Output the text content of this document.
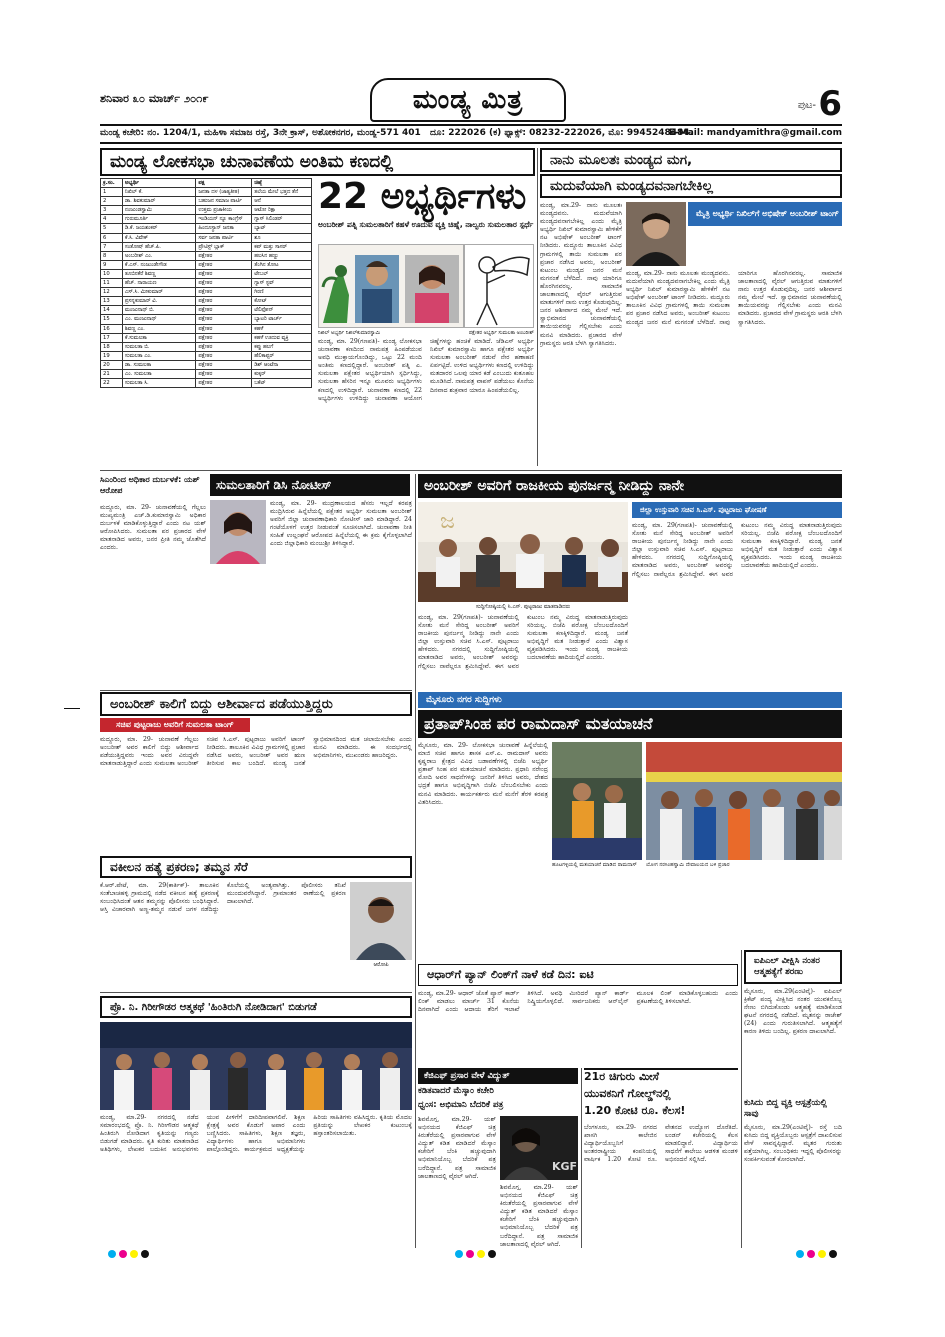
ಶನಿವಾರ ೩೦ ಮಾರ್ಚ್ ೨೦೧೯	ಮಂಡ್ಯ ಮಿತ್ರ	ಪುಟ- 6
ಮಂಡ್ಯ ಕಚೇರಿ: ನಂ. 1204/1, ಮಹಿಳಾ ಸಮಾಜ ರಸ್ತೆ, 3ನೇ ಕ್ರಾಸ್, ಅಶೋಕನಗರ, ಮಂಡ್ಯ-571 401 ದೂ: 222026 (ಕ) ಫ್ಯಾಕ್ಸ್: 08232-222026, ಮೊ: 9945248484.
E-Mail: mandyamithra@gmail.com
ಮಂಡ್ಯ ಲೋಕಸಭಾ ಚುನಾವಣೆಯ ಅಂತಿಮ ಕಣದಲ್ಲಿ
ಕ್ರ.ಸಂ.	ಅಭ್ಯರ್ಥಿ	ಪಕ್ಷ	ಚಿಹ್ನೆ
1	ನಿಖಿಲ್ ಕೆ.	ಜನತಾ ದಳ (ಜಾತ್ಯತೀತ)	ತಲೆಯ ಮೇಲೆ ಭತ್ತದ ತೆನೆ
2	ಡಾ. ಶಿವಕುಮಾರ್	ಬಹುಜನ ಸಮಾಜ ಪಾರ್ಟಿ	ಆನೆ
3	ನಂಜುಂಡಸ್ವಾಮಿ	ಉತ್ತಮ ಪ್ರಜಾಕೀಯ	ಆಟೋ ರಿಕ್ಷಾ
4	ಗುರುಮೂರ್ತಿ	ಇಂಡಿಯನ್ ನ್ಯೂ ಕಾಂಗ್ರೆಸ್	ಗ್ಯಾಸ್ ಸಿಲಿಂಡರ್
5	ಡಿ.ಕೆ. ಜಯಶಂಕರ್	ಹಿಂದೂಸ್ಥಾನ್ ಜನತಾ	ಬ್ಯಾಟ್
6	ಕೆ.ಸಿ. ವಿವೇಕ್	ಸರ್ವ ಜನತಾ ಪಾರ್ಟಿ	ಶೂ
7	ಸಂತೋಷ್ ಹೆಚ್.ಪಿ.	ಪ್ರೌಟಿಸ್ಟ್ ಬ್ಲಾಕ್	ಕಪ್ ಮತ್ತು ಸಾಸರ್
8	ಅಂಬರೀಶ್ ಎಂ.	ಪಕ್ಷೇತರ	ಹಲಸಿನ ಹಣ್ಣು
9	ಕೆ.ಎಸ್. ನಂಜುಂಡೇಗೌಡ	ಪಕ್ಷೇತರ	ತೆಂಗಿನ ತೋಟ
10	ತೂಬಿನಕೆರೆ ಶಿವಣ್ಣ	ಪಕ್ಷೇತರ	ಟೇಬಲ್
11	ಹೆಚ್. ನಾರಾಯಣ	ಪಕ್ಷೇತರ	ಗ್ಯಾಸ್ ಸ್ಟವ್
12	ಎಸ್.ಸಿ. ಮೀಕುಮಾರ್	ಪಕ್ಷೇತರ	ಗಿರಣಿ
13	ಪ್ರಸನ್ನಕುಮಾರ್ ವಿ.	ಪಕ್ಷೇತರ	ಕೋಟ್
14	ಮಂಜುನಾಥ್ ಬಿ.	ಪಕ್ಷೇತರ	ಟೆಲಿಫೋನ್
15	ಎಂ. ಮಂಜುನಾಥ್	ಪಕ್ಷೇತರ	ಬ್ಯಾಟರಿ ಟಾರ್ಚ್
16	ಶಿವಣ್ಣ ಎಂ.	ಪಕ್ಷೇತರ	ಕಹಳೆ
17	ಕೆ.ಸುಮಲತಾ	ಪಕ್ಷೇತರ	ಕಹಳೆ ಊದುವ ವ್ಯಕ್ತಿ
18	ಸುಮಲತಾ ಬಿ.	ಪಕ್ಷೇತರ	ಕಪ್ಪು ಹಲಗೆ
19	ಸುಮಲತಾ ಎಂ.	ಪಕ್ಷೇತರ	ಹೆಲಿಕಾಪ್ಟರ್
20	ಡಾ. ಸುಮಲತಾ	ಪಕ್ಷೇತರ	ಡಿಶ್ ಆಂಟೆನಾ
21	ಎಂ. ಸುಮಲತಾ	ಪಕ್ಷೇತರ	ಕುಕ್ಕರ್
22	ಸುಮಲತಾ ಸಿ.	ಪಕ್ಷೇತರ	ಬಕೆಟ್
22 ಅಭ್ಯರ್ಥಿಗಳು
ಅಂಬರೀಶ್ ಪತ್ನಿ ಸುಮಲತಾರಿಗೆ ಕಹಳೆ ಊದುವ ವ್ಯಕ್ತಿ ಚಿಹ್ನೆ, ನಾಲ್ವರು ಸುಮಲತಾರ ಸ್ಪರ್ಧೆ
ನಿಖಿಲ್ ಅಭ್ಯರ್ಥಿ ನಿಖಿಲ್‌ಕುಮಾರಸ್ವಾಮಿ	ಪಕ್ಷೇತರ ಅಭ್ಯರ್ಥಿ ಸುಮಲತಾ ಅಂಬರೀಶ್
ಮಂಡ್ಯ, ಮಾ. 29(ಗಣಪತಿ)- ಮಂಡ್ಯ ಲೋಕಸಭಾ ಚುನಾವಣಾ ಕಣದಿಂದ ನಾಮಪತ್ರ ಹಿಂಪಡೆಯುವ ಅವಧಿ ಮುಕ್ತಾಯಗೊಂಡಿದ್ದು, ಒಟ್ಟು 22 ಮಂದಿ ಅಂತಿಮ ಕಣದಲ್ಲಿದ್ದಾರೆ. ಅಂಬರೀಶ್ ಪತ್ನಿ ಎ. ಸುಮಲತಾ ಪಕ್ಷೇತರ ಅಭ್ಯರ್ಥಿಯಾಗಿ ಸ್ಪರ್ಧಿಸಿದ್ದು, ಸುಮಲತಾ ಹೆಸರಿನ ಇನ್ನೂ ಮೂವರು ಅಭ್ಯರ್ಥಿಗಳು ಕಣದಲ್ಲಿ ಉಳಿದಿದ್ದಾರೆ. ಚುನಾವಣಾ ಕಣದಲ್ಲಿ 22 ಅಭ್ಯರ್ಥಿಗಳು ಉಳಿದಿದ್ದು ಚುನಾವಣಾ ಆಯೋಗ ಚಿಹ್ನೆಗಳನ್ನು ಹಂಚಿಕೆ ಮಾಡಿದೆ. ಜೆಡಿಎಸ್ ಅಭ್ಯರ್ಥಿ ನಿಖಿಲ್ ಕುಮಾರಸ್ವಾಮಿ ಹಾಗೂ ಪಕ್ಷೇತರ ಅಭ್ಯರ್ಥಿ ಸುಮಲತಾ ಅಂಬರೀಶ್ ನಡುವೆ ನೇರ ಹಣಾಹಣಿ ಏರ್ಪಟ್ಟಿದೆ. ಉಳಿದ ಅಭ್ಯರ್ಥಿಗಳು ಕಣದಲ್ಲಿ ಉಳಿದಿದ್ದು ಮತದಾರರ ಒಲವು ಯಾರ ಕಡೆ ಎಂಬುದು ಕುತೂಹಲ ಮೂಡಿಸಿದೆ. ನಾಮಪತ್ರ ವಾಪಸ್ ಪಡೆಯಲು ಕೊನೆಯ ದಿನವಾದ ಶುಕ್ರವಾರ ಯಾರೂ ಹಿಂಪಡೆಯಲಿಲ್ಲ.
ನಾನು ಮೂಲತಃ ಮಂಡ್ಯದ ಮಗ,
ಮದುವೆಯಾಗಿ ಮಂಡ್ಯದವನಾಗಬೇಕಿಲ್ಲ
ಮೈತ್ರಿ ಅಭ್ಯರ್ಥಿ ನಿಖಿಲ್‌ಗೆ ಅಭಿಷೇಕ್ ಅಂಬರೀಶ್ ಟಾಂಗ್
ಮಂಡ್ಯ, ಮಾ.29- ನಾನು ಮೂಲತಃ ಮಂಡ್ಯದವನು. ಮದುವೆಯಾಗಿ ಮಂಡ್ಯದವನಾಗಬೇಕಿಲ್ಲ ಎಂದು ಮೈತ್ರಿ ಅಭ್ಯರ್ಥಿ ನಿಖಿಲ್ ಕುಮಾರಸ್ವಾಮಿ ಹೇಳಿಕೆಗೆ ನಟ ಅಭಿಷೇಕ್ ಅಂಬರೀಶ್ ಟಾಂಗ್ ನೀಡಿದರು. ಮದ್ದೂರು ತಾಲೂಕಿನ ವಿವಿಧ ಗ್ರಾಮಗಳಲ್ಲಿ ತಾಯಿ ಸುಮಲತಾ ಪರ ಪ್ರಚಾರ ನಡೆಸಿದ ಅವರು, ಅಂಬರೀಶ್ ಕುಟುಂಬ ಮಂಡ್ಯದ ಜನರ ಮನೆ ಮಗನಂತೆ ಬೆಳೆದಿದೆ. ನಾವು ಯಾರಿಗೂ ಹೊರಗಿನವರಲ್ಲ. ಸಾಮಾಜಿಕ ಜಾಲತಾಣದಲ್ಲಿ ವೈರಲ್ ಆಗುತ್ತಿರುವ ಮಾತುಗಳಿಗೆ ನಾನು ಉತ್ತರ ಕೊಡುವುದಿಲ್ಲ. ಜನರ ಆಶೀರ್ವಾದ ನಮ್ಮ ಮೇಲೆ ಇದೆ. ಸ್ವಾಭಿಮಾನದ ಚುನಾವಣೆಯಲ್ಲಿ ತಾಯಿಯವರನ್ನು ಗೆಲ್ಲಿಸಬೇಕು ಎಂದು ಮನವಿ ಮಾಡಿದರು. ಪ್ರಚಾರದ ವೇಳೆ ಗ್ರಾಮಸ್ಥರು ಆರತಿ ಬೆಳಗಿ ಸ್ವಾಗತಿಸಿದರು.
ಮಂಡ್ಯ, ಮಾ.29- ನಾನು ಮೂಲತಃ ಮಂಡ್ಯದವನು. ಮದುವೆಯಾಗಿ ಮಂಡ್ಯದವನಾಗಬೇಕಿಲ್ಲ ಎಂದು ಮೈತ್ರಿ ಅಭ್ಯರ್ಥಿ ನಿಖಿಲ್ ಕುಮಾರಸ್ವಾಮಿ ಹೇಳಿಕೆಗೆ ನಟ ಅಭಿಷೇಕ್ ಅಂಬರೀಶ್ ಟಾಂಗ್ ನೀಡಿದರು. ಮದ್ದೂರು ತಾಲೂಕಿನ ವಿವಿಧ ಗ್ರಾಮಗಳಲ್ಲಿ ತಾಯಿ ಸುಮಲತಾ ಪರ ಪ್ರಚಾರ ನಡೆಸಿದ ಅವರು, ಅಂಬರೀಶ್ ಕುಟುಂಬ ಮಂಡ್ಯದ ಜನರ ಮನೆ ಮಗನಂತೆ ಬೆಳೆದಿದೆ. ನಾವು ಯಾರಿಗೂ ಹೊರಗಿನವರಲ್ಲ. ಸಾಮಾಜಿಕ ಜಾಲತಾಣದಲ್ಲಿ ವೈರಲ್ ಆಗುತ್ತಿರುವ ಮಾತುಗಳಿಗೆ ನಾನು ಉತ್ತರ ಕೊಡುವುದಿಲ್ಲ. ಜನರ ಆಶೀರ್ವಾದ ನಮ್ಮ ಮೇಲೆ ಇದೆ. ಸ್ವಾಭಿಮಾನದ ಚುನಾವಣೆಯಲ್ಲಿ ತಾಯಿಯವರನ್ನು ಗೆಲ್ಲಿಸಬೇಕು ಎಂದು ಮನವಿ ಮಾಡಿದರು. ಪ್ರಚಾರದ ವೇಳೆ ಗ್ರಾಮಸ್ಥರು ಆರತಿ ಬೆಳಗಿ ಸ್ವಾಗತಿಸಿದರು.
ಸಿಎಂರಿಂದ ಅಧಿಕಾರ ದುರ್ಬಳಕೆ: ಯಶ್ ಆರೋಪ
ಮದ್ದೂರು, ಮಾ. 29- ಚುನಾವಣೆಯಲ್ಲಿ ಗೆಲ್ಲಲು ಮುಖ್ಯಮಂತ್ರಿ ಎಚ್.ಡಿ.ಕುಮಾರಸ್ವಾಮಿ ಅಧಿಕಾರ ದುರ್ಬಳಕೆ ಮಾಡಿಕೊಳ್ಳುತ್ತಿದ್ದಾರೆ ಎಂದು ನಟ ಯಶ್ ಆರೋಪಿಸಿದರು. ಸುಮಲತಾ ಪರ ಪ್ರಚಾರದ ವೇಳೆ ಮಾತನಾಡಿದ ಅವರು, ಜನರ ಪ್ರೀತಿ ನಮ್ಮ ಜೊತೆಗಿದೆ ಎಂದರು.
ಸುಮಲತಾರಿಗೆ ಡಿಸಿ ನೋಟೀಸ್
ಮಂಡ್ಯ, ಮಾ. 29- ಮುದ್ರಣಾಲಯದ ಹೆಸರು ಇಲ್ಲದೆ ಕರಪತ್ರ ಮುದ್ರಿಸಿರುವ ಹಿನ್ನೆಲೆಯಲ್ಲಿ ಪಕ್ಷೇತರ ಅಭ್ಯರ್ಥಿ ಸುಮಲತಾ ಅಂಬರೀಶ್ ಅವರಿಗೆ ಜಿಲ್ಲಾ ಚುನಾವಣಾಧಿಕಾರಿ ನೋಟೀಸ್ ಜಾರಿ ಮಾಡಿದ್ದಾರೆ. 24 ಗಂಟೆಯೊಳಗೆ ಉತ್ತರ ನೀಡುವಂತೆ ಸೂಚಿಸಲಾಗಿದೆ. ಚುನಾವಣಾ ನೀತಿ ಸಂಹಿತೆ ಉಲ್ಲಂಘನೆ ಆರೋಪದ ಹಿನ್ನೆಲೆಯಲ್ಲಿ ಈ ಕ್ರಮ ಕೈಗೊಳ್ಳಲಾಗಿದೆ ಎಂದು ಜಿಲ್ಲಾಧಿಕಾರಿ ಮಂಜುಶ್ರೀ ತಿಳಿಸಿದ್ದಾರೆ.
ಅಂಬರೀಶ್ ಅವರಿಗೆ ರಾಜಕೀಯ ಪುನರ್ಜನ್ಮ ನೀಡಿದ್ದು ನಾನೇ
ಜ	ಜಿಲ್ಲಾ ಉಸ್ತುವಾರಿ ಸಚಿವ ಸಿ.ಎಸ್. ಪುಟ್ಟರಾಜು ಘೋಷಣೆ
ಮಂಡ್ಯ, ಮಾ. 29(ಗಣಪತಿ)- ಚುನಾವಣೆಯಲ್ಲಿ ಸೋತು ಮನೆ ಸೇರಿದ್ದ ಅಂಬರೀಶ್ ಅವರಿಗೆ ರಾಜಕೀಯ ಪುನರ್ಜನ್ಮ ನೀಡಿದ್ದು ನಾನೇ ಎಂದು ಜಿಲ್ಲಾ ಉಸ್ತುವಾರಿ ಸಚಿವ ಸಿ.ಎಸ್. ಪುಟ್ಟರಾಜು ಹೇಳಿದರು. ನಗರದಲ್ಲಿ ಸುದ್ದಿಗೋಷ್ಠಿಯಲ್ಲಿ ಮಾತನಾಡಿದ ಅವರು, ಅಂಬರೀಶ್ ಅವರನ್ನು ಗೆಲ್ಲಿಸಲು ನಾವೆಲ್ಲರೂ ಶ್ರಮಿಸಿದ್ದೇವೆ. ಈಗ ಅವರ ಕುಟುಂಬ ನಮ್ಮ ವಿರುದ್ಧ ಮಾತನಾಡುತ್ತಿರುವುದು ಸರಿಯಲ್ಲ. ಬಿಜೆಪಿ ಪರೋಕ್ಷ ಬೆಂಬಲದೊಂದಿಗೆ ಸುಮಲತಾ ಕಣಕ್ಕಿಳಿದಿದ್ದಾರೆ. ಮಂಡ್ಯ ಜನತೆ ಅಭಿವೃದ್ಧಿಗೆ ಮತ ನೀಡುತ್ತಾರೆ ಎಂದು ವಿಶ್ವಾಸ ವ್ಯಕ್ತಪಡಿಸಿದರು. ಇಂದು ಮಂಡ್ಯ ರಾಜಕೀಯ ಬದಲಾವಣೆಯ ಹಾದಿಯಲ್ಲಿದೆ ಎಂದರು.
ಸುದ್ದಿಗೋಷ್ಠಿಯಲ್ಲಿ ಸಿ.ಎಸ್. ಪುಟ್ಟರಾಜು ಮಾತನಾಡಿದರು
ಮಂಡ್ಯ, ಮಾ. 29(ಗಣಪತಿ)- ಚುನಾವಣೆಯಲ್ಲಿ ಸೋತು ಮನೆ ಸೇರಿದ್ದ ಅಂಬರೀಶ್ ಅವರಿಗೆ ರಾಜಕೀಯ ಪುನರ್ಜನ್ಮ ನೀಡಿದ್ದು ನಾನೇ ಎಂದು ಜಿಲ್ಲಾ ಉಸ್ತುವಾರಿ ಸಚಿವ ಸಿ.ಎಸ್. ಪುಟ್ಟರಾಜು ಹೇಳಿದರು. ನಗರದಲ್ಲಿ ಸುದ್ದಿಗೋಷ್ಠಿಯಲ್ಲಿ ಮಾತನಾಡಿದ ಅವರು, ಅಂಬರೀಶ್ ಅವರನ್ನು ಗೆಲ್ಲಿಸಲು ನಾವೆಲ್ಲರೂ ಶ್ರಮಿಸಿದ್ದೇವೆ. ಈಗ ಅವರ ಕುಟುಂಬ ನಮ್ಮ ವಿರುದ್ಧ ಮಾತನಾಡುತ್ತಿರುವುದು ಸರಿಯಲ್ಲ. ಬಿಜೆಪಿ ಪರೋಕ್ಷ ಬೆಂಬಲದೊಂದಿಗೆ ಸುಮಲತಾ ಕಣಕ್ಕಿಳಿದಿದ್ದಾರೆ. ಮಂಡ್ಯ ಜನತೆ ಅಭಿವೃದ್ಧಿಗೆ ಮತ ನೀಡುತ್ತಾರೆ ಎಂದು ವಿಶ್ವಾಸ ವ್ಯಕ್ತಪಡಿಸಿದರು. ಇಂದು ಮಂಡ್ಯ ರಾಜಕೀಯ ಬದಲಾವಣೆಯ ಹಾದಿಯಲ್ಲಿದೆ ಎಂದರು.
ಅಂಬರೀಶ್ ಕಾಲಿಗೆ ಬಿದ್ದು ಆಶೀರ್ವಾದ ಪಡೆಯುತ್ತಿದ್ದರು
ಸಚಿವ ಪುಟ್ಟರಾಜು ಅವರಿಗೆ ಸುಮಲತಾ ಟಾಂಗ್
ಮದ್ದೂರು, ಮಾ. 29- ಚುನಾವಣೆ ಗೆಲ್ಲಲು ಅಂಬರೀಶ್ ಅವರ ಕಾಲಿಗೆ ಬಿದ್ದು ಆಶೀರ್ವಾದ ಪಡೆಯುತ್ತಿದ್ದವರು ಇಂದು ಅವರ ವಿರುದ್ಧವೇ ಮಾತನಾಡುತ್ತಿದ್ದಾರೆ ಎಂದು ಸುಮಲತಾ ಅಂಬರೀಶ್ ಸಚಿವ ಸಿ.ಎಸ್. ಪುಟ್ಟರಾಜು ಅವರಿಗೆ ಟಾಂಗ್ ನೀಡಿದರು. ತಾಲೂಕಿನ ವಿವಿಧ ಗ್ರಾಮಗಳಲ್ಲಿ ಪ್ರಚಾರ ನಡೆಸಿದ ಅವರು, ಅಂಬರೀಶ್ ಅವರ ಋಣ ತೀರಿಸುವ ಕಾಲ ಬಂದಿದೆ. ಮಂಡ್ಯ ಜನತೆ ಸ್ವಾಭಿಮಾನದಿಂದ ಮತ ಚಲಾಯಿಸಬೇಕು ಎಂದು ಮನವಿ ಮಾಡಿದರು. ಈ ಸಂದರ್ಭದಲ್ಲಿ ಅಭಿಮಾನಿಗಳು, ಮುಖಂಡರು ಹಾಜರಿದ್ದರು.
ಮೈಸೂರು ನಗರ ಸುದ್ದಿಗಳು
ಪ್ರತಾಪ್‌ಸಿಂಹ ಪರ ರಾಮದಾಸ್ ಮತಯಾಚನೆ
ಮೈಸೂರು, ಮಾ. 29- ಲೋಕಸಭಾ ಚುನಾವಣೆ ಹಿನ್ನೆಲೆಯಲ್ಲಿ ಮಾಜಿ ಸಚಿವ ಹಾಗೂ ಶಾಸಕ ಎಸ್.ಎ. ರಾಮದಾಸ್ ಅವರು ಕೃಷ್ಣರಾಜ ಕ್ಷೇತ್ರದ ವಿವಿಧ ಬಡಾವಣೆಗಳಲ್ಲಿ ಬಿಜೆಪಿ ಅಭ್ಯರ್ಥಿ ಪ್ರತಾಪ್ ಸಿಂಹ ಪರ ಮತಯಾಚನೆ ಮಾಡಿದರು. ಪ್ರಧಾನಿ ನರೇಂದ್ರ ಮೋದಿ ಅವರ ಸಾಧನೆಗಳನ್ನು ಜನರಿಗೆ ತಿಳಿಸಿದ ಅವರು, ದೇಶದ ಭದ್ರತೆ ಹಾಗೂ ಅಭಿವೃದ್ಧಿಗಾಗಿ ಬಿಜೆಪಿ ಬೆಂಬಲಿಸಬೇಕು ಎಂದು ಮನವಿ ಮಾಡಿದರು. ಕಾರ್ಯಕರ್ತರು ಮನೆ ಮನೆಗೆ ತೆರಳಿ ಕರಪತ್ರ ವಿತರಿಸಿದರು.
ಹೂಟಗಳ್ಳಿಯಲ್ಲಿ ಮತಯಾಚನೆ ಮಾಡಿದ ರಾಮದಾಸ್	ಯೋಗ ನರಸಿಂಹಸ್ವಾಮಿ ದೇವಾಲಯದ ಬಳಿ ಪ್ರಚಾರ
ವಕೀಲನ ಹತ್ಯೆ ಪ್ರಕರಣ; ತಮ್ಮನ ಸೆರೆ
ಕೆ.ಆರ್.ಪೇಟೆ, ಮಾ. 29(ಕಾರ್ತಿಕ್)- ತಾಲೂಕಿನ ಸಂತೆಬಾಚಹಳ್ಳಿ ಗ್ರಾಮದಲ್ಲಿ ನಡೆದ ವಕೀಲನ ಹತ್ಯೆ ಪ್ರಕರಣಕ್ಕೆ ಸಂಬಂಧಿಸಿದಂತೆ ಆತನ ತಮ್ಮನನ್ನು ಪೊಲೀಸರು ಬಂಧಿಸಿದ್ದಾರೆ. ಆಸ್ತಿ ವಿಚಾರವಾಗಿ ಅಣ್ಣ-ತಮ್ಮನ ನಡುವೆ ಜಗಳ ನಡೆದಿದ್ದು ಕೊಲೆಯಲ್ಲಿ ಅಂತ್ಯವಾಗಿತ್ತು. ಪೊಲೀಸರು ತನಿಖೆ ಮುಂದುವರೆಸಿದ್ದಾರೆ. ಗ್ರಾಮಾಂತರ ಠಾಣೆಯಲ್ಲಿ ಪ್ರಕರಣ ದಾಖಲಾಗಿದೆ.
ಆರೋಪಿ
ಆಧಾರ್‌ಗೆ ಪ್ಯಾನ್ ಲಿಂಕ್‌ಗೆ ನಾಳೆ ಕಡೆ ದಿನ: ಐಟಿ
ಮಂಡ್ಯ, ಮಾ.29- ಆಧಾರ್ ಜೊತೆ ಪ್ಯಾನ್ ಕಾರ್ಡ್ ಲಿಂಕ್ ಮಾಡಲು ಮಾರ್ಚ್ 31 ಕೊನೆಯ ದಿನವಾಗಿದೆ ಎಂದು ಆದಾಯ ತೆರಿಗೆ ಇಲಾಖೆ ತಿಳಿಸಿದೆ. ಅವಧಿ ಮೀರಿದರೆ ಪ್ಯಾನ್ ಕಾರ್ಡ್ ನಿಷ್ಕ್ರಿಯಗೊಳ್ಳಲಿದೆ. ಸಾರ್ವಜನಿಕರು ಆನ್‌ಲೈನ್ ಮೂಲಕ ಲಿಂಕ್ ಮಾಡಿಕೊಳ್ಳಬಹುದು ಎಂದು ಪ್ರಕಟಣೆಯಲ್ಲಿ ತಿಳಿಸಲಾಗಿದೆ.
ಐಪಿಎಲ್ ವೀಕ್ಷಿಸಿ ನಂತರ ಆತ್ಮಹತ್ಯೆಗೆ ಶರಣು
ಮೈಸೂರು, ಮಾ.29(ಎಂಟಿವೈ)- ಐಪಿಎಲ್ ಕ್ರಿಕೆಟ್ ಪಂದ್ಯ ವೀಕ್ಷಿಸಿದ ನಂತರ ಯುವಕನೊಬ್ಬ ನೇಣು ಬಿಗಿದುಕೊಂಡು ಆತ್ಮಹತ್ಯೆ ಮಾಡಿಕೊಂಡ ಘಟನೆ ನಗರದಲ್ಲಿ ನಡೆದಿದೆ. ಮೃತನನ್ನು ರಾಜೇಶ್ (24) ಎಂದು ಗುರುತಿಸಲಾಗಿದೆ. ಆತ್ಮಹತ್ಯೆಗೆ ಕಾರಣ ತಿಳಿದು ಬಂದಿಲ್ಲ. ಪ್ರಕರಣ ದಾಖಲಾಗಿದೆ.
ಕುಸಿದು ಬಿದ್ದ ವ್ಯಕ್ತಿ ಆಸ್ಪತ್ರೆಯಲ್ಲಿ ಸಾವು
ಮೈಸೂರು, ಮಾ.29(ಎಂಟಿವೈ)- ರಸ್ತೆ ಬದಿ ಕುಸಿದು ಬಿದ್ದ ವ್ಯಕ್ತಿಯೊಬ್ಬರು ಆಸ್ಪತ್ರೆಗೆ ದಾಖಲಿಸುವ ವೇಳೆ ಸಾವನ್ನಪ್ಪಿದ್ದಾರೆ. ಮೃತರ ಗುರುತು ಪತ್ತೆಯಾಗಿಲ್ಲ. ಸಂಬಂಧಿಕರು ಇದ್ದಲ್ಲಿ ಪೊಲೀಸರನ್ನು ಸಂಪರ್ಕಿಸುವಂತೆ ಕೋರಲಾಗಿದೆ.
ಪ್ರೊ. ನಿ. ಗಿರೀಗೌಡರ ಆತ್ಮಕಥೆ 'ಹಿಂತಿರುಗಿ ನೋಡಿದಾಗ' ಬಿಡುಗಡೆ
ಮಂಡ್ಯ, ಮಾ.29- ನಗರದಲ್ಲಿ ನಡೆದ ಸಮಾರಂಭದಲ್ಲಿ ಪ್ರೊ. ನಿ. ಗಿರೀಗೌಡರ ಆತ್ಮಕಥೆ ಹಿಂತಿರುಗಿ ನೋಡಿದಾಗ ಕೃತಿಯನ್ನು ಗಣ್ಯರು ಬಿಡುಗಡೆ ಮಾಡಿದರು. ಕೃತಿ ಕುರಿತು ಮಾತನಾಡಿದ ಅತಿಥಿಗಳು, ಲೇಖಕರ ಬದುಕಿನ ಅನುಭವಗಳು ಯುವ ಪೀಳಿಗೆಗೆ ದಾರಿದೀಪವಾಗಲಿವೆ. ಶಿಕ್ಷಣ ಕ್ಷೇತ್ರಕ್ಕೆ ಅವರ ಕೊಡುಗೆ ಅಪಾರ ಎಂದು ಬಣ್ಣಿಸಿದರು. ಸಾಹಿತಿಗಳು, ಶಿಕ್ಷಣ ತಜ್ಞರು, ವಿದ್ಯಾರ್ಥಿಗಳು ಹಾಗೂ ಅಭಿಮಾನಿಗಳು ಪಾಲ್ಗೊಂಡಿದ್ದರು. ಕಾರ್ಯಕ್ರಮದ ಅಧ್ಯಕ್ಷತೆಯನ್ನು ಹಿರಿಯ ಸಾಹಿತಿಗಳು ವಹಿಸಿದ್ದರು. ಕೃತಿಯ ಮೊದಲ ಪ್ರತಿಯನ್ನು ಲೇಖಕರ ಕುಟುಂಬಕ್ಕೆ ಹಸ್ತಾಂತರಿಸಲಾಯಿತು.
ಕೆಜಿಎಫ್ ಪ್ರಸಾರ ವೇಳೆ ವಿದ್ಯುತ್
ಕಡಿತವಾದರೆ ಮೆಸ್ಕಾಂ ಕಚೇರಿ
ಧ್ವಂಸ: ಅಭಿಮಾನಿ ಬೆದರಿಕೆ ಪತ್ರ
ಶಿವಮೊಗ್ಗ, ಮಾ.29- ಯಶ್ ಅಭಿನಯದ ಕೆಜಿಎಫ್ ಚಿತ್ರ ಕಿರುತೆರೆಯಲ್ಲಿ ಪ್ರಸಾರವಾಗುವ ವೇಳೆ ವಿದ್ಯುತ್ ಕಡಿತ ಮಾಡಿದರೆ ಮೆಸ್ಕಾಂ ಕಚೇರಿಗೆ ಬೆಂಕಿ ಹಚ್ಚುವುದಾಗಿ ಅಭಿಮಾನಿಯೊಬ್ಬ ಬೆದರಿಕೆ ಪತ್ರ ಬರೆದಿದ್ದಾನೆ. ಪತ್ರ ಸಾಮಾಜಿಕ ಜಾಲತಾಣದಲ್ಲಿ ವೈರಲ್ ಆಗಿದೆ.
KGF
ಶಿವಮೊಗ್ಗ, ಮಾ.29- ಯಶ್ ಅಭಿನಯದ ಕೆಜಿಎಫ್ ಚಿತ್ರ ಕಿರುತೆರೆಯಲ್ಲಿ ಪ್ರಸಾರವಾಗುವ ವೇಳೆ ವಿದ್ಯುತ್ ಕಡಿತ ಮಾಡಿದರೆ ಮೆಸ್ಕಾಂ ಕಚೇರಿಗೆ ಬೆಂಕಿ ಹಚ್ಚುವುದಾಗಿ ಅಭಿಮಾನಿಯೊಬ್ಬ ಬೆದರಿಕೆ ಪತ್ರ ಬರೆದಿದ್ದಾನೆ. ಪತ್ರ ಸಾಮಾಜಿಕ ಜಾಲತಾಣದಲ್ಲಿ ವೈರಲ್ ಆಗಿದೆ.
21ರ ಚಿಗುರು ಮೀಸೆ
ಯುವಕನಿಗೆ ಗೋಲ್ಡ್‌ನಲ್ಲಿ
1.20 ಕೋಟಿ ರೂ. ಕೆಲಸ!
ಬೆಂಗಳೂರು, ಮಾ.29- ನಗರದ ಖಾಸಗಿ ಕಾಲೇಜಿನ ವಿದ್ಯಾರ್ಥಿಯೊಬ್ಬನಿಗೆ ಅಂತರರಾಷ್ಟ್ರೀಯ ಕಂಪನಿಯಲ್ಲಿ ವಾರ್ಷಿಕ 1.20 ಕೋಟಿ ರೂ. ವೇತನದ ಉದ್ಯೋಗ ದೊರೆತಿದೆ. ಲಂಡನ್ ಕಚೇರಿಯಲ್ಲಿ ಕೆಲಸ ಮಾಡಲಿದ್ದಾನೆ. ವಿದ್ಯಾರ್ಥಿಯ ಸಾಧನೆಗೆ ಕಾಲೇಜು ಆಡಳಿತ ಮಂಡಳಿ ಅಭಿನಂದನೆ ಸಲ್ಲಿಸಿದೆ.
